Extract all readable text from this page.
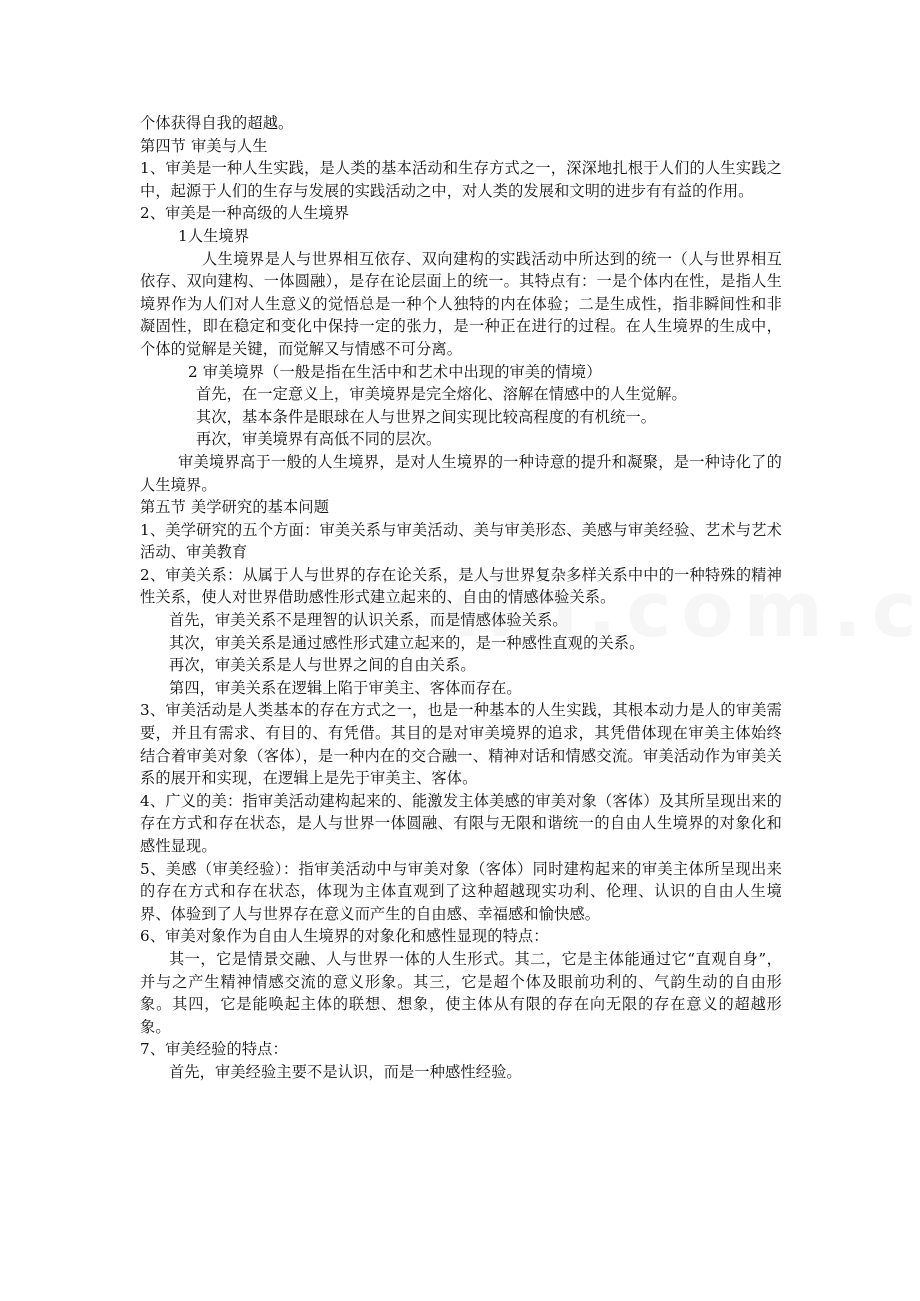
个体获得自我的超越。

第四节 审美与人生

1、审美是一种人生实践，是人类的基本活动和生存方式之一，深深地扎根于人们的人生实践之中，起源于人们的生存与发展的实践活动之中，对人类的发展和文明的进步有有益的作用。

2、审美是一种高级的人生境界

1人生境界

人生境界是人与世界相互依存、双向建构的实践活动中所达到的统一（人与世界相互依存、双向建构、一体圆融），是存在论层面上的统一。其特点有：一是个体内在性，是指人生境界作为人们对人生意义的觉悟总是一种个人独特的内在体验；二是生成性，指非瞬间性和非凝固性，即在稳定和变化中保持一定的张力，是一种正在进行的过程。在人生境界的生成中，个体的觉解是关键，而觉解又与情感不可分离。

2 审美境界（一般是指在生活中和艺术中出现的审美的情境）

首先，在一定意义上，审美境界是完全熔化、溶解在情感中的人生觉解。

其次，基本条件是眼球在人与世界之间实现比较高程度的有机统一。

再次，审美境界有高低不同的层次。

审美境界高于一般的人生境界，是对人生境界的一种诗意的提升和凝聚，是一种诗化了的人生境界。

第五节 美学研究的基本问题

1、美学研究的五个方面：审美关系与审美活动、美与审美形态、美感与审美经验、艺术与艺术活动、审美教育

2、审美关系：从属于人与世界的存在论关系，是人与世界复杂多样关系中中的一种特殊的精神性关系，使人对世界借助感性形式建立起来的、自由的情感体验关系。

首先，审美关系不是理智的认识关系，而是情感体验关系。

其次，审美关系是通过感性形式建立起来的，是一种感性直观的关系。

再次，审美关系是人与世界之间的自由关系。

第四，审美关系在逻辑上陷于审美主、客体而存在。

3、审美活动是人类基本的存在方式之一，也是一种基本的人生实践，其根本动力是人的审美需要，并且有需求、有目的、有凭借。其目的是对审美境界的追求，其凭借体现在审美主体始终结合着审美对象（客体），是一种内在的交合融一、精神对话和情感交流。审美活动作为审美关系的展开和实现，在逻辑上是先于审美主、客体。

4、广义的美：指审美活动建构起来的、能激发主体美感的审美对象（客体）及其所呈现出来的存在方式和存在状态，是人与世界一体圆融、有限与无限和谐统一的自由人生境界的对象化和感性显现。

5、美感（审美经验）：指审美活动中与审美对象（客体）同时建构起来的审美主体所呈现出来的存在方式和存在状态，体现为主体直观到了这种超越现实功利、伦理、认识的自由人生境界、体验到了人与世界存在意义而产生的自由感、幸福感和愉快感。

6、审美对象作为自由人生境界的对象化和感性显现的特点：

其一，它是情景交融、人与世界一体的人生形式。其二，它是主体能通过它“直观自身”，并与之产生精神情感交流的意义形象。其三，它是超个体及眼前功利的、气韵生动的自由形象。其四，它是能唤起主体的联想、想象，使主体从有限的存在向无限的存在意义的超越形象。

7、审美经验的特点：

首先，审美经验主要不是认识，而是一种感性经验。
